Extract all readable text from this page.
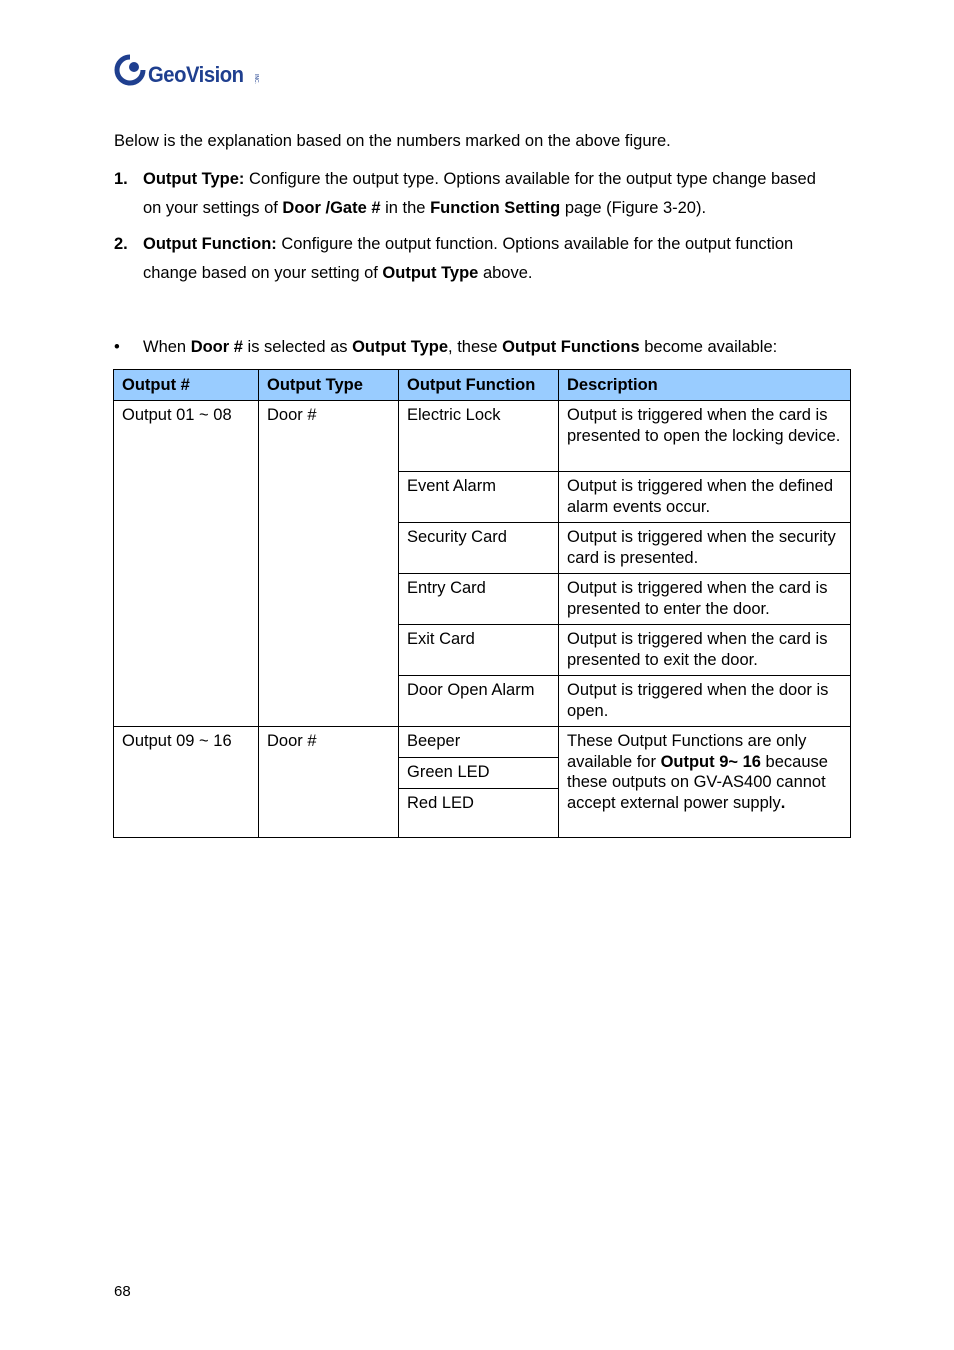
GeoVision INC.
Below is the explanation based on the numbers marked on the above figure.
1. Output Type: Configure the output type. Options available for the output type change based on your settings of Door /Gate # in the Function Setting page (Figure 3-20).
2. Output Function: Configure the output function. Options available for the output function change based on your setting of Output Type above.
• When Door # is selected as Output Type, these Output Functions become available:
Output #	Output Type	Output Function	Description
Output 01 ~ 08	Door #	Electric Lock	Output is triggered when the card is presented to open the locking device.
		Event Alarm	Output is triggered when the defined alarm events occur.
		Security Card	Output is triggered when the security card is presented.
		Entry Card	Output is triggered when the card is presented to enter the door.
		Exit Card	Output is triggered when the card is presented to exit the door.
		Door Open Alarm	Output is triggered when the door is open.
Output 09 ~ 16	Door #	Beeper	These Output Functions are only available for Output 9~ 16 because these outputs on GV-AS400 cannot accept external power supply.
		Green LED	
		Red LED	
68
